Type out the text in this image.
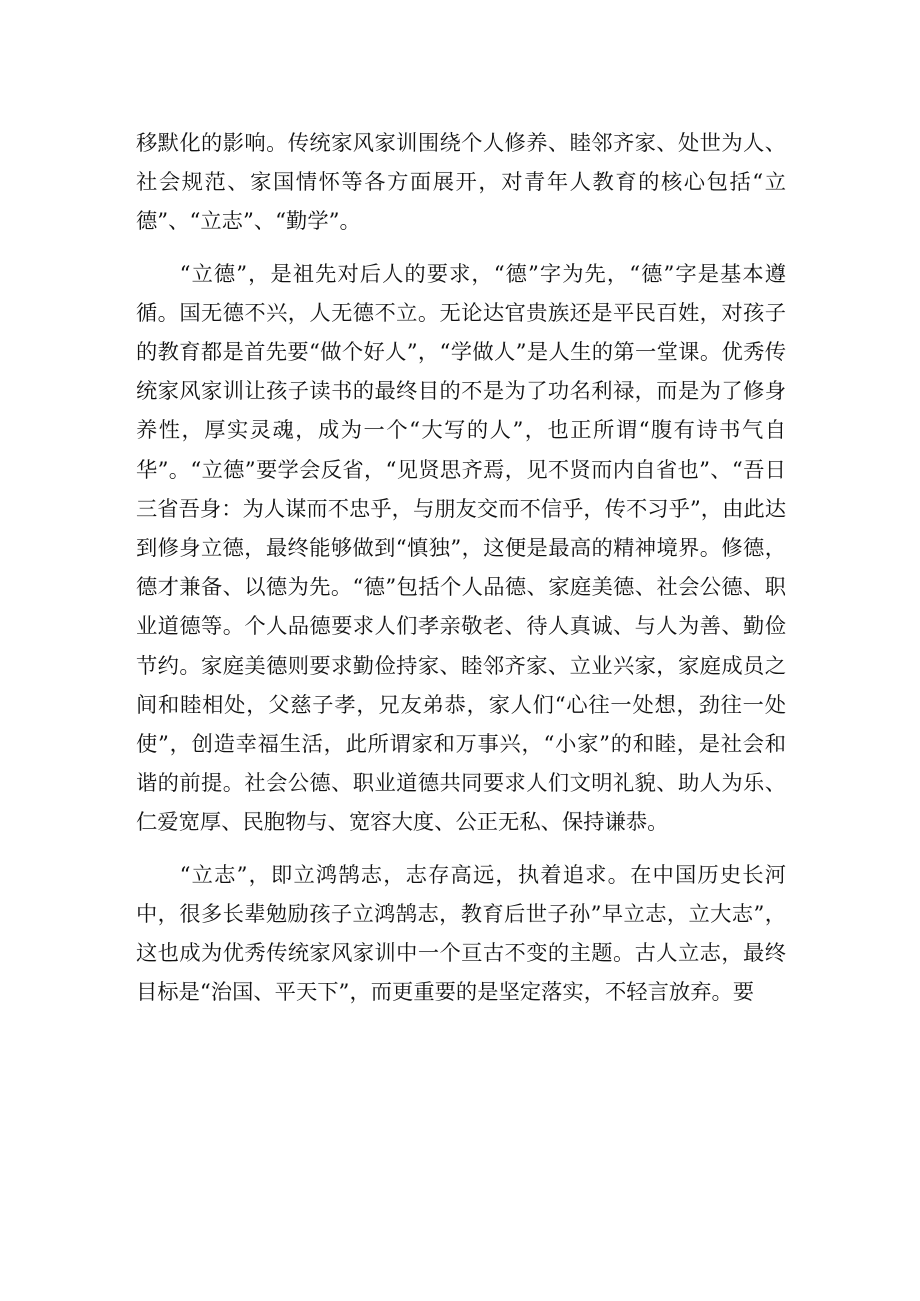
移默化的影响。传统家风家训围绕个人修养、睦邻齐家、处世为人、社会规范、家国情怀等各方面展开，对青年人教育的核心包括“立德”、“立志”、“勤学”。

“立德”，是祖先对后人的要求，“德”字为先，“德”字是基本遵循。国无德不兴，人无德不立。无论达官贵族还是平民百姓，对孩子的教育都是首先要“做个好人”，“学做人”是人生的第一堂课。优秀传统家风家训让孩子读书的最终目的不是为了功名利禄，而是为了修身养性，厚实灵魂，成为一个“大写的人”，也正所谓“腹有诗书气自华”。“立德”要学会反省，“见贤思齐焉，见不贤而内自省也”、“吾日三省吾身：为人谋而不忠乎，与朋友交而不信乎，传不习乎”，由此达到修身立德，最终能够做到“慎独”，这便是最高的精神境界。修德，德才兼备、以德为先。“德”包括个人品德、家庭美德、社会公德、职业道德等。个人品德要求人们孝亲敬老、待人真诚、与人为善、勤俭节约。家庭美德则要求勤俭持家、睦邻齐家、立业兴家，家庭成员之间和睦相处，父慈子孝，兄友弟恭，家人们“心往一处想，劲往一处使”，创造幸福生活，此所谓家和万事兴，“小家”的和睦，是社会和谐的前提。社会公德、职业道德共同要求人们文明礼貌、助人为乐、仁爱宽厚、民胞物与、宽容大度、公正无私、保持谦恭。

“立志”，即立鸿鹄志，志存高远，执着追求。在中国历史长河中，很多长辈勉励孩子立鸿鹄志，教育后世子孙”早立志，立大志”，这也成为优秀传统家风家训中一个亘古不变的主题。古人立志，最终目标是“治国、平天下”，而更重要的是坚定落实，不轻言放弃。要
